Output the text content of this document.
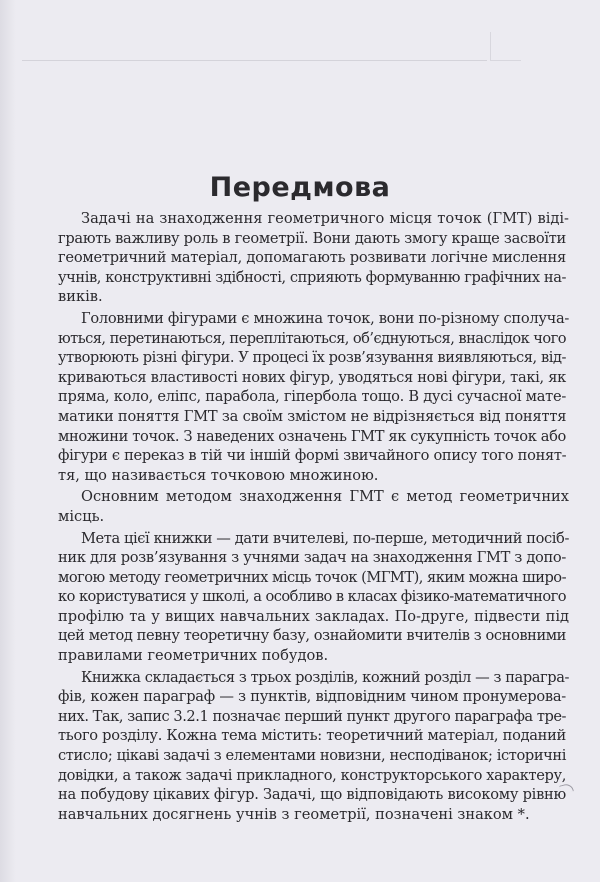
Передмова
Задачі на знаходження геометричного місця точок (ГМТ) віді-
грають важливу роль в геометрії. Вони дають змогу краще засвоїти
геометричний матеріал, допомагають розвивати логічне мислення
учнів, конструктивні здібності, сприяють формуванню графічних на-
виків.
Головними фігурами є множина точок, вони по-різному сполуча-
ються, перетинаються, переплітаються, об’єднуються, внаслідок чого
утворюють різні фігури. У процесі їх розв’язування виявляються, від-
криваються властивості нових фігур, уводяться нові фігури, такі, як
пряма, коло, еліпс, парабола, гіпербола тощо. В дусі сучасної мате-
матики поняття ГМТ за своїм змістом не відрізняється від поняття
множини точок. З наведених означень ГМТ як сукупність точок або
фігури є переказ в тій чи іншій формі звичайного опису того понят-
тя, що називається точковою множиною.
Основним методом знаходження ГМТ є метод геометричних
місць.
Мета цієї книжки — дати вчителеві, по-перше, методичний посіб-
ник для розв’язування з учнями задач на знаходження ГМТ з допо-
могою методу геометричних місць точок (МГМТ), яким можна широ-
ко користуватися у школі, а особливо в класах фізико-математичного
профілю та у вищих навчальних закладах. По-друге, підвести під
цей метод певну теоретичну базу, ознайомити вчителів з основними
правилами геометричних побудов.
Книжка складається з трьох розділів, кожний розділ — з парагра-
фів, кожен параграф — з пунктів, відповідним чином пронумерова-
них. Так, запис 3.2.1 позначає перший пункт другого параграфа тре-
тього розділу. Кожна тема містить: теоретичний матеріал, поданий
стисло; цікаві задачі з елементами новизни, несподіванок; історичні
довідки, а також задачі прикладного, конструкторського характеру,
на побудову цікавих фігур. Задачі, що відповідають високому рівню
навчальних досягнень учнів з геометрії, позначені знаком *.
